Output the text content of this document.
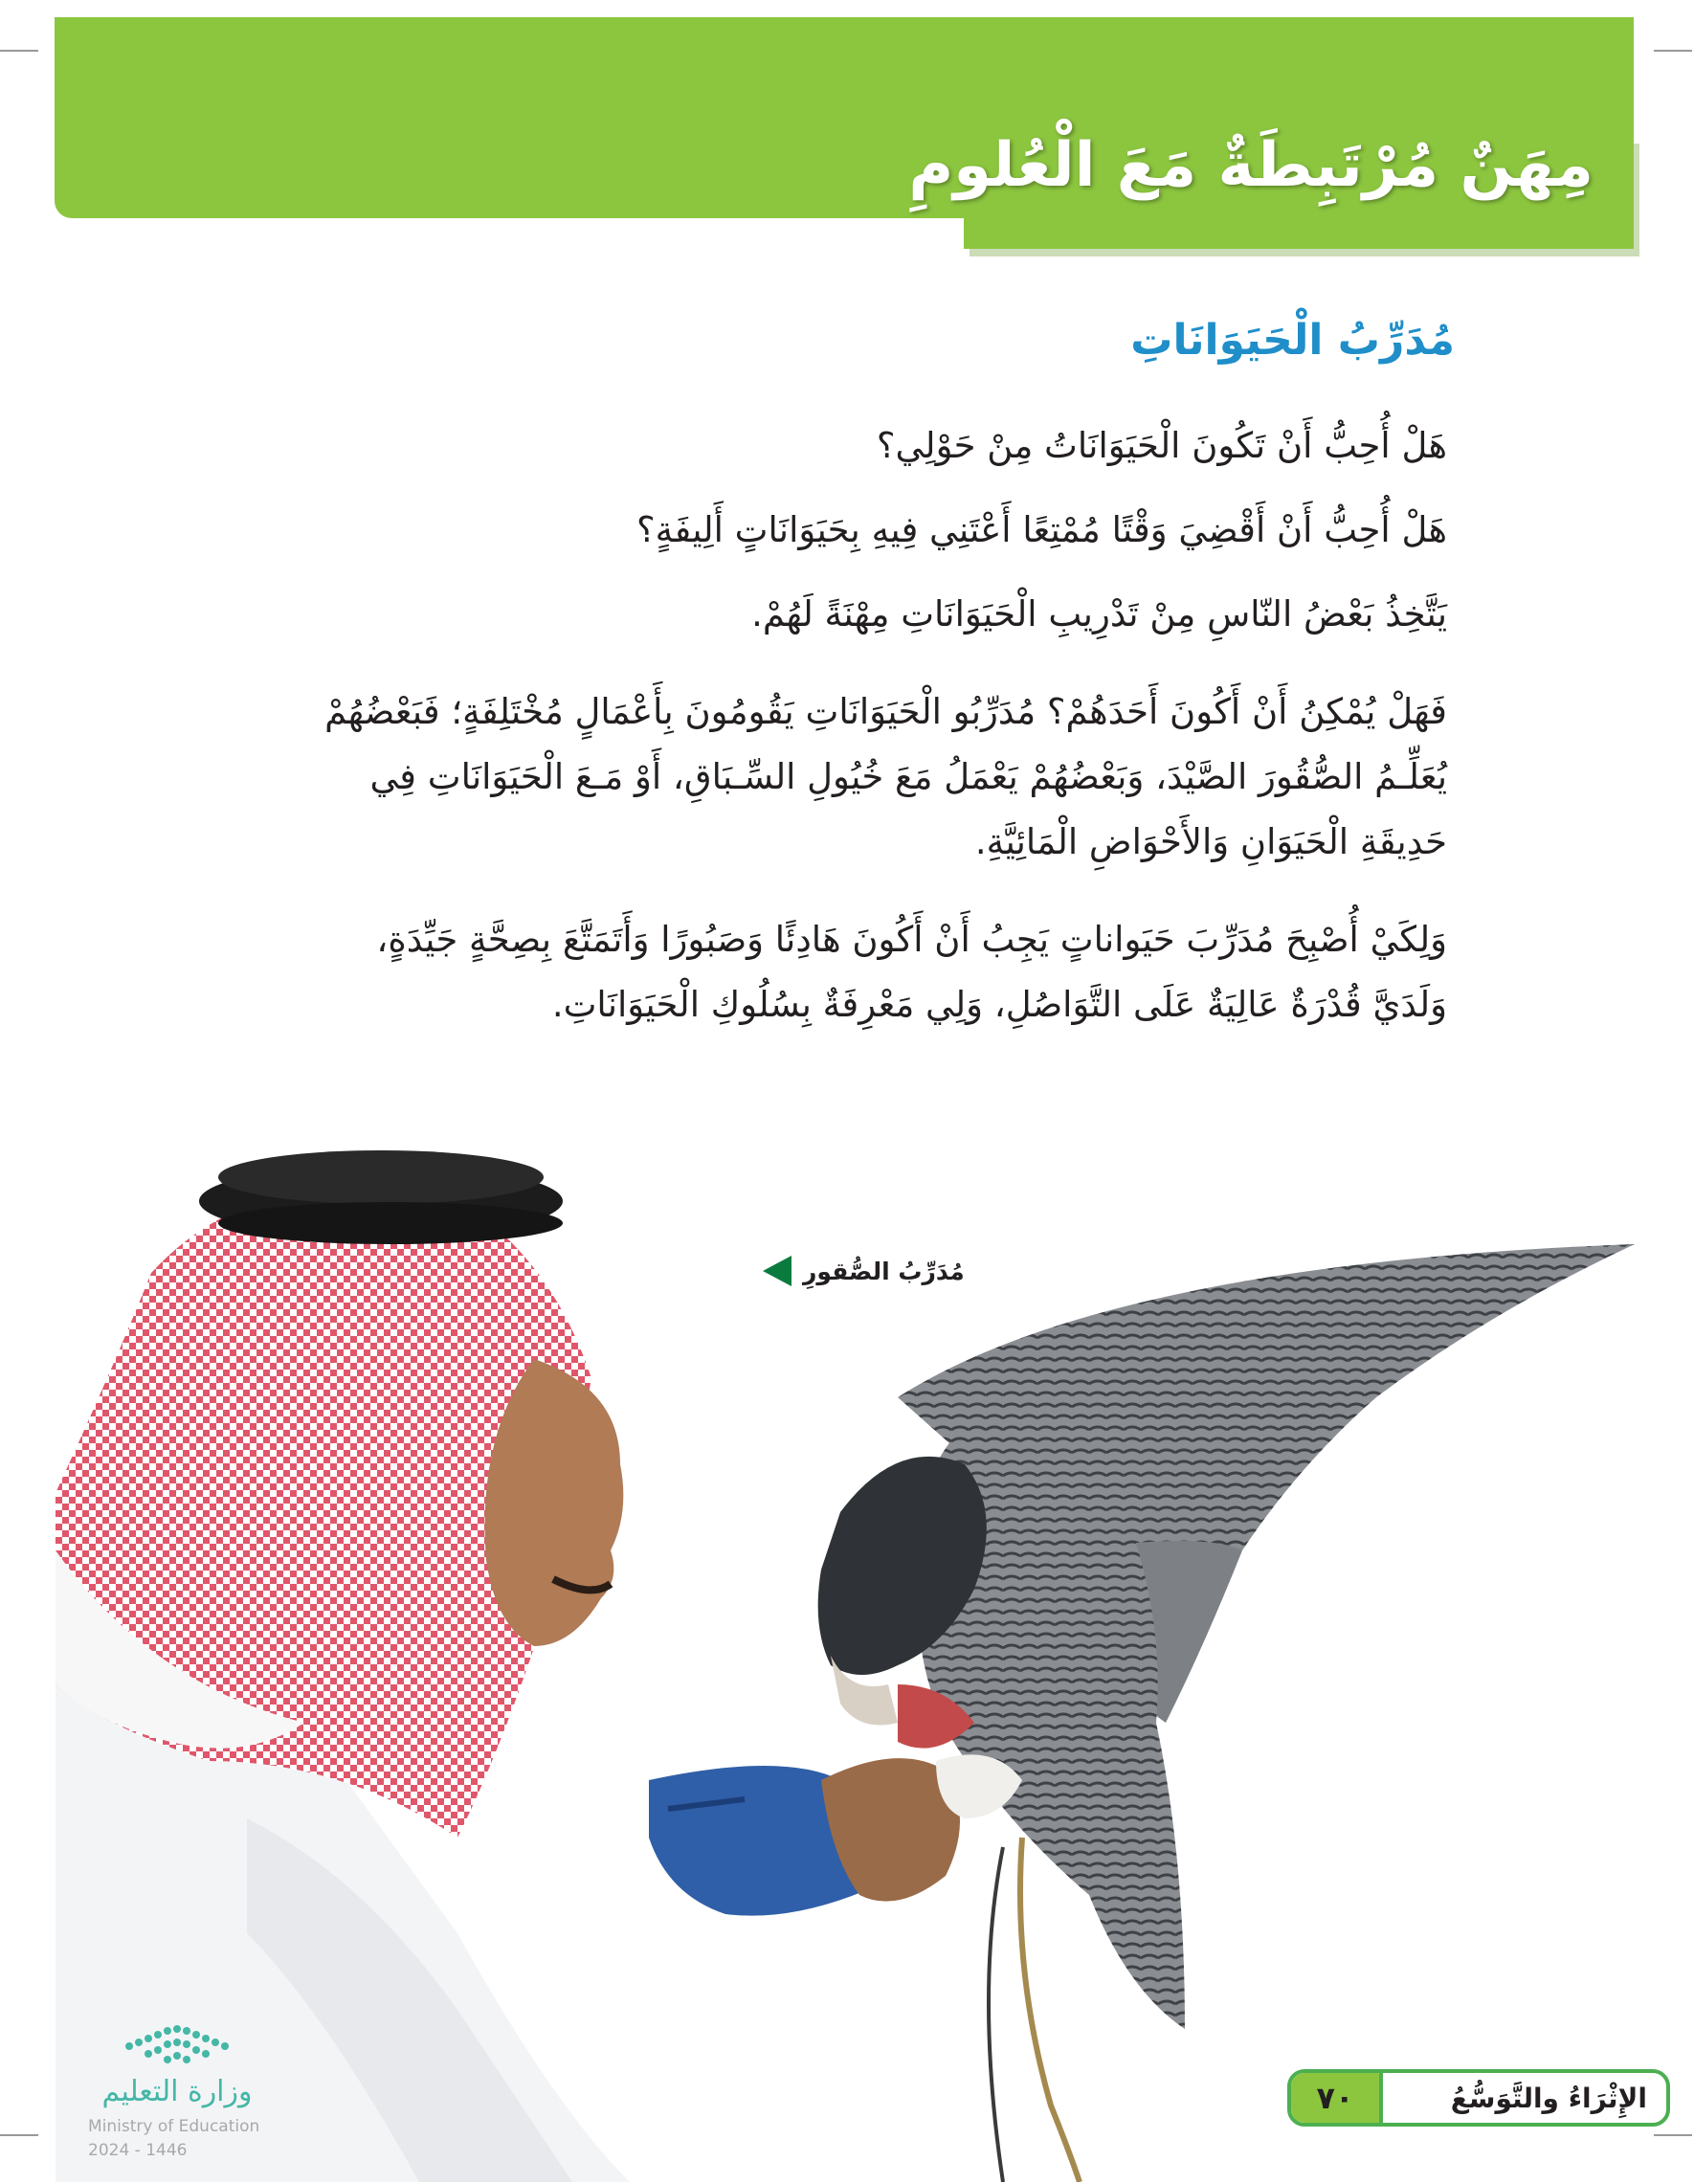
مِهَنٌ مُرْتَبِطَةٌ مَعَ الْعُلومِ
مُدَرِّبُ الْحَيَوَانَاتِ
هَلْ أُحِبُّ أَنْ تَكُونَ الْحَيَوَانَاتُ مِنْ حَوْلِي؟
هَلْ أُحِبُّ أَنْ أَقْضِيَ وَقْتًا مُمْتِعًا أَعْتَنِي فِيهِ بِحَيَوَانَاتٍ أَلِيفَةٍ؟
يَتَّخِذُ بَعْضُ النّاسِ مِنْ تَدْرِيبِ الْحَيَوَانَاتِ مِهْنَةً لَهُمْ.
فَهَلْ يُمْكِنُ أَنْ أَكُونَ أَحَدَهُمْ؟ مُدَرِّبُو الْحَيَوَانَاتِ يَقُومُونَ بِأَعْمَالٍ مُخْتَلِفَةٍ؛ فَبَعْضُهُمْ
يُعَلِّـمُ الصُّقُورَ الصَّيْدَ، وَبَعْضُهُمْ يَعْمَلُ مَعَ خُيُولِ السِّـبَاقِ، أَوْ مَـعَ الْحَيَوَانَاتِ فِي
حَدِيقَةِ الْحَيَوَانِ وَالأَحْوَاضِ الْمَائِيَّةِ.
وَلِكَيْ أُصْبِحَ مُدَرِّبَ حَيَواناتٍ يَجِبُ أَنْ أَكُونَ هَادِئًا وَصَبُورًا وَأَتَمَتَّعَ بِصِحَّةٍ جَيِّدَةٍ،
وَلَدَيَّ قُدْرَةٌ عَالِيَةٌ عَلَى التَّوَاصُلِ، وَلِي مَعْرِفَةٌ بِسُلُوكِ الْحَيَوَانَاتِ.
مُدَرِّبُ الصُّقورِ
الإِثْرَاءُ والتَّوَسُّعُ
٧٠
وزارة التعليم
Ministry of Education
2024 - 1446
